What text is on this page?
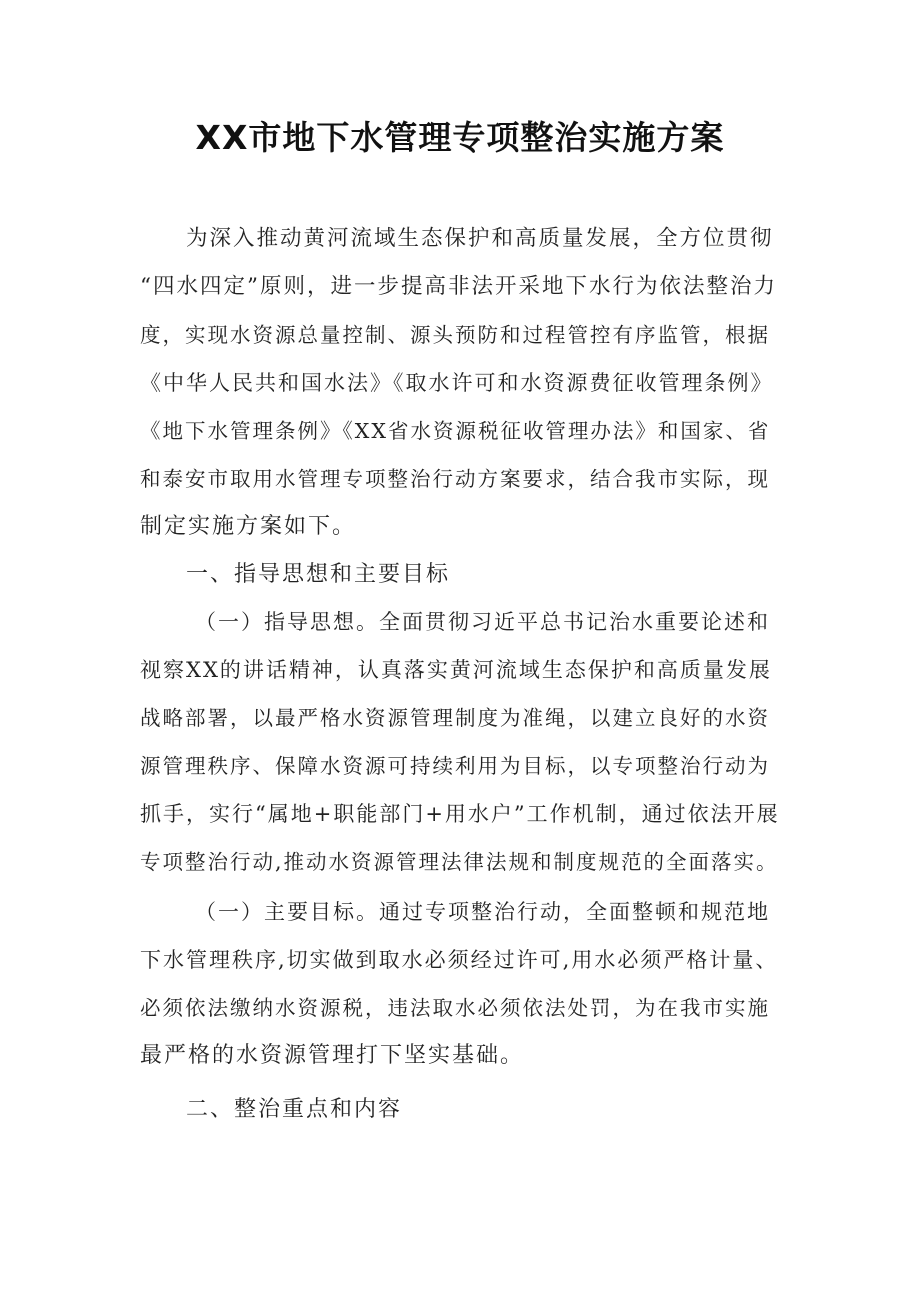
XX市地下水管理专项整治实施方案
为深入推动黄河流域生态保护和高质量发展，全方位贯彻
“四水四定”原则，进一步提高非法开采地下水行为依法整治力
度，实现水资源总量控制、源头预防和过程管控有序监管，根据
《中华人民共和国水法》《取水许可和水资源费征收管理条例》
《地下水管理条例》《XX省水资源税征收管理办法》和国家、省
和泰安市取用水管理专项整治行动方案要求，结合我市实际，现
制定实施方案如下。
一、指导思想和主要目标
（一）指导思想。全面贯彻习近平总书记治水重要论述和
视察XX的讲话精神，认真落实黄河流域生态保护和高质量发展
战略部署，以最严格水资源管理制度为准绳，以建立良好的水资
源管理秩序、保障水资源可持续利用为目标，以专项整治行动为
抓手，实行“属地+职能部门+用水户”工作机制，通过依法开展
专项整治行动,推动水资源管理法律法规和制度规范的全面落实。
（一）主要目标。通过专项整治行动，全面整顿和规范地
下水管理秩序,切实做到取水必须经过许可,用水必须严格计量、
必须依法缴纳水资源税，违法取水必须依法处罚，为在我市实施
最严格的水资源管理打下坚实基础。
二、整治重点和内容
